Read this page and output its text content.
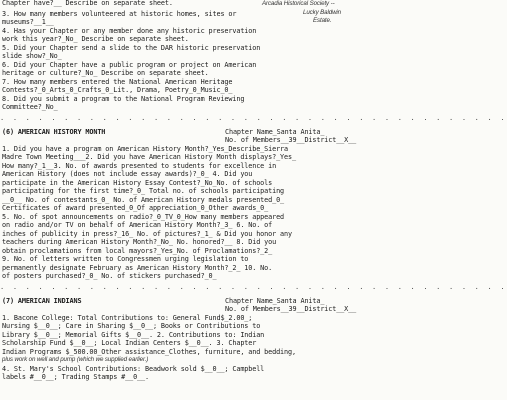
Chapter have?__ Describe on separate sheet.
3. How many members volunteered at historic homes, sites or
museums?__1__
4. Has your Chapter or any member done any historic preservation
work this year?_No_ Describe on separate sheet.
5. Did your Chapter send a slide to the DAR historic preservation
slide show?_No_
6. Did your Chapter have a public program or project on American
heritage or culture?_No_ Describe on separate sheet.
7. How many members entered the National American Heritage
Contests?_0_Arts_0_Crafts_0_Lit., Drama, Poetry_0_Music_0_
8. Did you submit a program to the National Program Reviewing
Committee?_No_
Arcadia Historical Society --
Lucky Baldwin
Estate.
. . . . . . . . . . . . . . . . . . . . . . . . . . . . . . . . . . . . . . . .
(6) AMERICAN HISTORY MONTH	Chapter Name_Santa Anita_
No. of Members__39__District__X__
1. Did you have a program on American History Month?_Yes_Describe_Sierra
Madre Town Meeting___2. Did you have American History Month displays?_Yes_
How many?_1__3. No. of awards presented to students for excellence in
American History (does not include essay awards)?_0_ 4. Did you
participate in the American History Essay Contest?_No_No. of schools
participating for the first time?_0_ Total no. of schools participating
__0__ No. of contestants_0_ No. of American History medals presented_0_
Certificates of award presented_0_Of appreciation_0_Other awards_0_
5. No. of spot announcements on radio?_0_TV_0_How many members appeared
on radio and/or TV on behalf of American History Month?_3_ 6. No. of
inches of publicity in press?_16_ No. of pictures?_1_ & Did you honor any
teachers during American History Month?_No_ No. honored?__ 8. Did you
obtain proclamations from local mayors?_Yes_No. of Proclamations?_2_
9. No. of letters written to Congressmen urging legislation to
permanently designate February as American History Month?_2_ 10. No.
of posters purchased?_0_ No. of stickers purchased?_0_
. . . . . . . . . . . . . . . . . . . . . . . . . . . . . . . . . . . . . . . .
(7) AMERICAN INDIANS	Chapter Name_Santa Anita_
No. of Members__39__District__X__
1. Bacone College: Total Contributions to: General Fund$_2.00_;
Nursing $__0__; Care in Sharing $__0__; Books or Contributions to
Library $__0__; Memorial Gifts $__0__. 2. Contributions to: Indian
Scholarship Fund $__0__; Local Indian Centers $__0__. 3. Chapter
Indian Programs $_500.00_Other assistance_Clothes, furniture, and bedding,
plus work on well and pump (which we supplied earlier.)
4. St. Mary's School Contributions: Beadwork sold $__0__; Campbell
labels #__0__; Trading Stamps #__0__.
